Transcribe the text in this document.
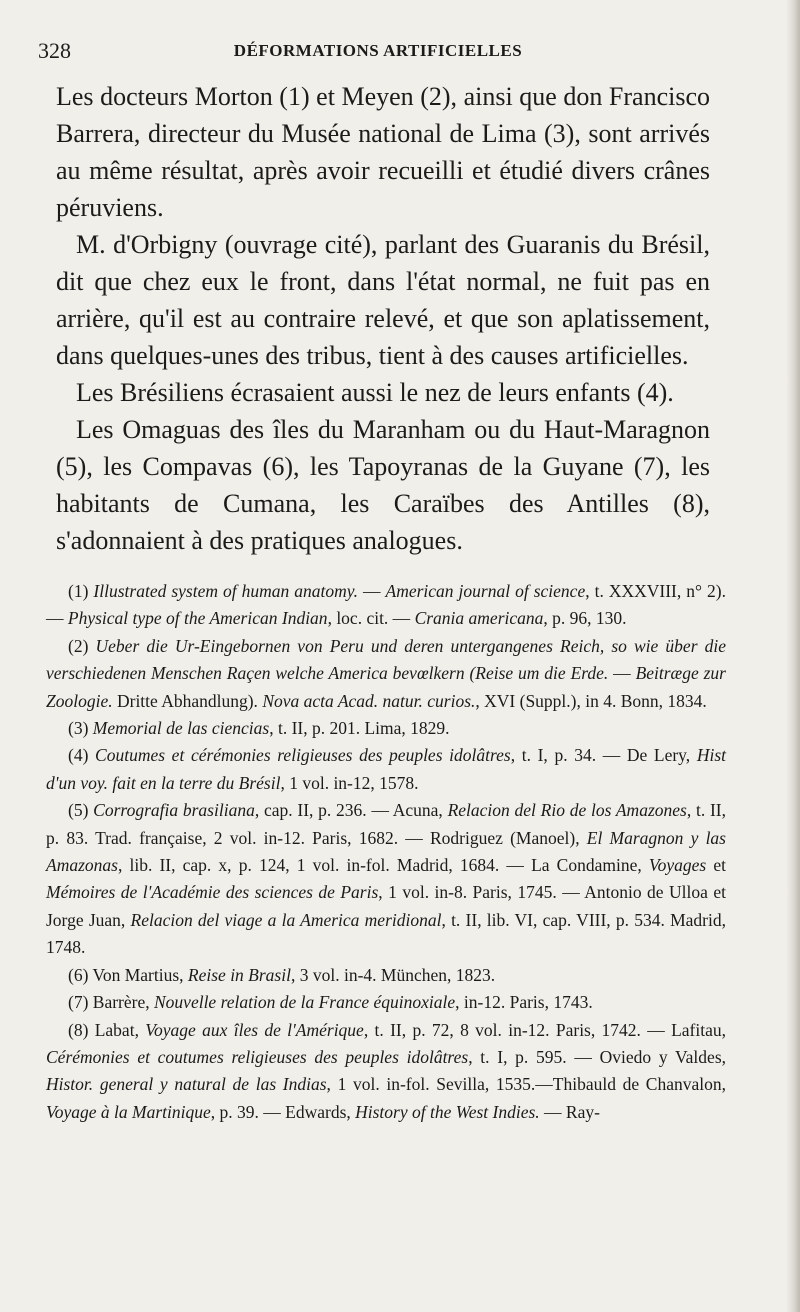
328	DÉFORMATIONS ARTIFICIELLES

Les docteurs Morton (1) et Meyen (2), ainsi que don Francisco Barrera, directeur du Musée national de Lima (3), sont arrivés au même résultat, après avoir recueilli et étudié divers crânes péruviens.

M. d'Orbigny (ouvrage cité), parlant des Guaranis du Brésil, dit que chez eux le front, dans l'état normal, ne fuit pas en arrière, qu'il est au contraire relevé, et que son aplatissement, dans quelques-unes des tribus, tient à des causes artificielles.

Les Brésiliens écrasaient aussi le nez de leurs enfants (4).

Les Omaguas des îles du Maranham ou du Haut-Maragnon (5), les Compavas (6), les Tapoyranas de la Guyane (7), les habitants de Cumana, les Caraïbes des Antilles (8), s'adonnaient à des pratiques analogues.

(1) Illustrated system of human anatomy. — American journal of science, t. XXXVIII, n° 2). — Physical type of the American Indian, loc. cit. — Crania americana, p. 96, 130.

(2) Ueber die Ur-Eingebornen von Peru und deren untergangenes Reich, so wie über die verschiedenen Menschen Raçen welche America bevœlkern (Reise um die Erde. — Beitræge zur Zoologie. Dritte Abhandlung). Nova acta Acad. natur. curios., XVI (Suppl.), in 4. Bonn, 1834.

(3) Memorial de las ciencias, t. II, p. 201. Lima, 1829.

(4) Coutumes et cérémonies religieuses des peuples idolâtres, t. I, p. 34. — De Lery, Hist d'un voy. fait en la terre du Brésil, 1 vol. in-12, 1578.

(5) Corrografia brasiliana, cap. II, p. 236. — Acuna, Relacion del Rio de los Amazones, t. II, p. 83. Trad. française, 2 vol. in-12. Paris, 1682. — Rodriguez (Manoel), El Maragnon y las Amazonas, lib. II, cap. x, p. 124, 1 vol. in-fol. Madrid, 1684. — La Condamine, Voyages et Mémoires de l'Académie des sciences de Paris, 1 vol. in-8. Paris, 1745. — Antonio de Ulloa et Jorge Juan, Relacion del viage a la America meridional, t. II, lib. VI, cap. VIII, p. 534. Madrid, 1748.

(6) Von Martius, Reise in Brasil, 3 vol. in-4. München, 1823.

(7) Barrère, Nouvelle relation de la France équinoxiale, in-12. Paris, 1743.

(8) Labat, Voyage aux îles de l'Amérique, t. II, p. 72, 8 vol. in-12. Paris, 1742. — Lafitau, Cérémonies et coutumes religieuses des peuples idolâtres, t. I, p. 595. — Oviedo y Valdes, Histor. general y natural de las Indias, 1 vol. in-fol. Sevilla, 1535.—Thibauld de Chanvalon, Voyage à la Martinique, p. 39. — Edwards, History of the West Indies. — Ray-
